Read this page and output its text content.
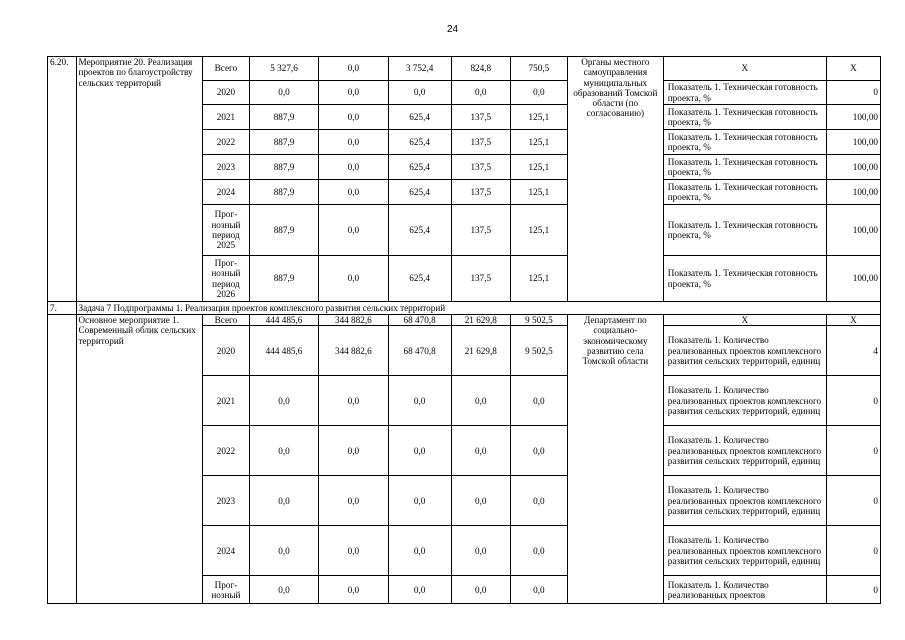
24
6.20.	Мероприятие 20. Реализация проектов по благоустройству сельских территорий	Всего	5 327,6	0,0	3 752,4	824,8	750,5	Органы местного самоуправления муниципальных образований Томской области (по согласованию)	Х	Х
		2020	0,0	0,0	0,0	0,0	0,0		Показатель 1. Техническая готовность проекта, %	0
		2021	887,9	0,0	625,4	137,5	125,1		Показатель 1. Техническая готовность проекта, %	100,00
		2022	887,9	0,0	625,4	137,5	125,1		Показатель 1. Техническая готовность проекта, %	100,00
		2023	887,9	0,0	625,4	137,5	125,1		Показатель 1. Техническая готовность проекта, %	100,00
		2024	887,9	0,0	625,4	137,5	125,1		Показатель 1. Техническая готовность проекта, %	100,00
		Прог-нозный период 2025	887,9	0,0	625,4	137,5	125,1		Показатель 1. Техническая готовность проекта, %	100,00
		Прог-нозный период 2026	887,9	0,0	625,4	137,5	125,1		Показатель 1. Техническая готовность проекта, %	100,00
7.	Задача 7 Подпрограммы 1. Реализация проектов комплексного развития сельских территорий									
	Основное мероприятие 1. Современный облик сельских территорий	Всего	444 485,6	344 882,6	68 470,8	21 629,8	9 502,5	Департамент по социально-экономическому развитию села Томской области	Х	Х
		2020	444 485,6	344 882,6	68 470,8	21 629,8	9 502,5		Показатель 1. Количество реализованных проектов комплексного развития сельских территорий, единиц	4
		2021	0,0	0,0	0,0	0,0	0,0		Показатель 1. Количество реализованных проектов комплексного развития сельских территорий, единиц	0
		2022	0,0	0,0	0,0	0,0	0,0		Показатель 1. Количество реализованных проектов комплексного развития сельских территорий, единиц	0
		2023	0,0	0,0	0,0	0,0	0,0		Показатель 1. Количество реализованных проектов комплексного развития сельских территорий, единиц	0
		2024	0,0	0,0	0,0	0,0	0,0		Показатель 1. Количество реализованных проектов комплексного развития сельских территорий, единиц	0
		Прог-нозный	0,0	0,0	0,0	0,0	0,0		Показатель 1. Количество реализованных проектов	0
